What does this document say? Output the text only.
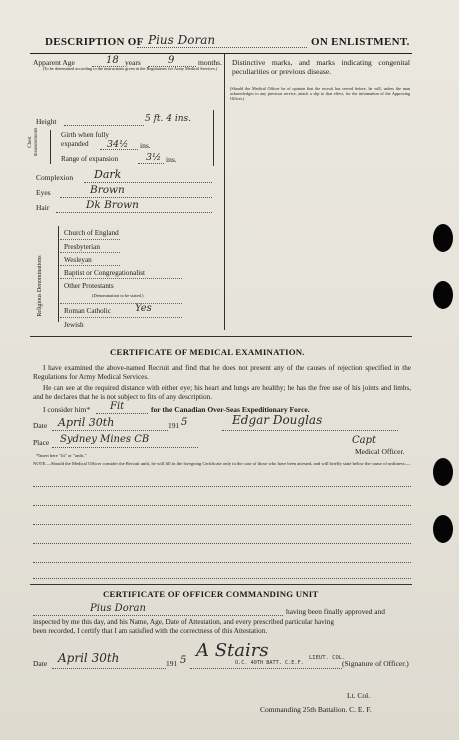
DESCRIPTION OF Pius Doran	ON ENLISTMENT.
Apparent Age	18 years	9	months.
(To be determined according to the instructions given in the Regulations for Army Medical Services.)
Distinctive marks, and marks indicating congenital peculiarities or previous disease.
(Should the Medical Officer be of opinion that the recruit has served before, he will, unless the man acknowledges to any previous service, attach a slip to that effect, for the information of the Approving Officer.)
Height	5 ft. 4 ins.
Chest measurements	Girth when fully expanded	34½ ins.
Range of expansion	3½ ins.
Complexion Dark
Eyes	Brown
Hair	Dk Brown
Religious Denominations
Church of England
Presbyterian
Wesleyan
Baptist or Congregationalist
Other Protestants
(Denomination to be stated.)
Roman Catholic Yes
Jewish
CERTIFICATE OF MEDICAL EXAMINATION.
I have examined the above-named Recruit and find that he does not present any of the causes of rejection specified in the Regulations for Army Medical Services.
He can see at the required distance with either eye; his heart and lungs are healthy; he has the free use of his joints and limbs, and he declares that he is not subject to fits of any description.
I consider him* Fit	for the Canadian Over-Seas Expeditionary Force.
Date April 30th	191 5	Edgar Douglas
Place Sydney Mines CB	Capt
Medical Officer.
*Insert here "fit" or "unfit."
NOTE.—Should the Medical Officer consider the Recruit unfit, he will fill in the foregoing Certificate only in the case of those who have been attested, and will briefly state below the cause of unfitness:—
CERTIFICATE OF OFFICER COMMANDING UNIT
Pius Doran	having been finally approved and
inspected by me this day, and his Name, Age, Date of Attestation, and every prescribed particular having
been recorded, I certify that I am satisfied with the correctness of this Attestation.
Date April 30th	191 5 A Stairs
O.C. 40TH BATT. C.E.F.
LIEUT. COL.
(Signature of Officer.)
Lt. Col.
Commanding 25th Battalion. C. E. F.
